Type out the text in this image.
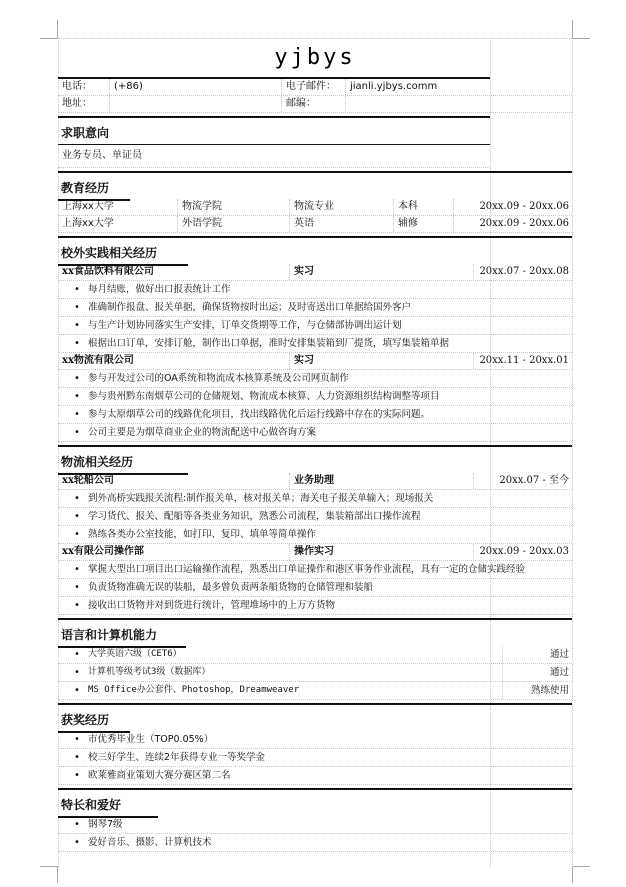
yjbys
电话：	(+86)	电子邮件：	jianli.yjbys.comm
地址：	邮编：
求职意向
业务专员、单证员
教育经历
上海xx大学	物流学院	物流专业	本科	20xx.09 - 20xx.06
上海xx大学	外语学院	英语	辅修	20xx.09 - 20xx.06
校外实践相关经历
xx食品饮料有限公司	实习	20xx.07 - 20xx.08
• 每月结账，做好出口报表统计工作
• 准确制作报盘、报关单据，确保货物按时出运；及时寄送出口单据给国外客户
• 与生产计划协同落实生产安排，订单交货期等工作，与仓储部协调出运计划
• 根据出口订单，安排订舱，制作出口单据，准时安排集装箱到厂提货，填写集装箱单据
xx物流有限公司	实习	20xx.11 - 20xx.01
• 参与开发过公司的OA系统和物流成本核算系统及公司网页制作
• 参与贵州黔东南烟草公司的仓储规划、物流成本核算、人力资源组织结构调整等项目
• 参与太原烟草公司的线路优化项目，找出线路优化后运行线路中存在的实际问题。
• 公司主要是为烟草商业企业的物流配送中心做咨询方案
物流相关经历
xx轮船公司	业务助理	20xx.07 - 至今
• 到外高桥实践报关流程:制作报关单，核对报关单；海关电子报关单输入；现场报关
• 学习货代、报关、配船等各类业务知识，熟悉公司流程，集装箱部出口操作流程
• 熟练各类办公室技能，如打印、复印、填单等简单操作
xx有限公司操作部	操作实习	20xx.09 - 20xx.03
• 掌握大型出口项目出口运输操作流程，熟悉出口单证操作和港区事务作业流程，具有一定的仓储实践经验
• 负责货物准确无误的装船，最多曾负责两条船货物的仓储管理和装船
• 接收出口货物并对到货进行统计，管理堆场中的上万方货物
语言和计算机能力
• 大学英语六级（CET6）	通过
• 计算机等级考试3级（数据库）	通过
• MS Office办公套件、Photoshop，Dreamweaver	熟练使用
获奖经历
• 市优秀毕业生（TOP0.05%）
• 校三好学生、连续2年获得专业一等奖学金
• 欧莱雅商业策划大赛分赛区第二名
特长和爱好
• 钢琴7级
• 爱好音乐、摄影、计算机技术
